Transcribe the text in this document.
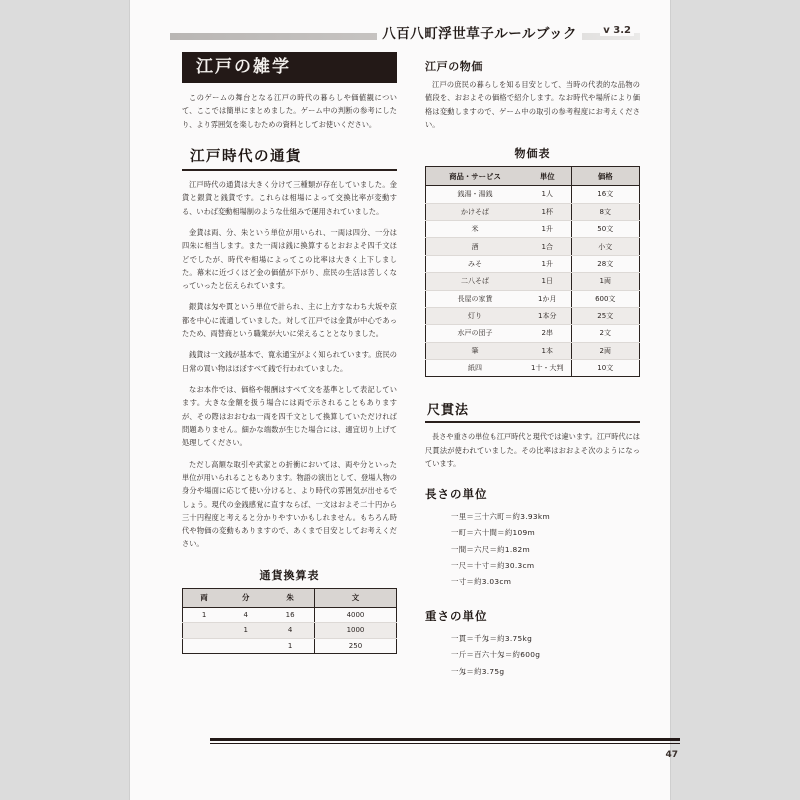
八百八町浮世草子ルールブック	v 3.2
江戸の雑学

このゲームの舞台となる江戸の時代の暮らしや価値観について、ここでは簡単にまとめました。ゲーム中の判断の参考にしたり、より雰囲気を楽しむための資料としてお使いください。

江戸時代の通貨

江戸時代の通貨は大きく分けて三種類が存在していました。金貨と銀貨と銭貨です。これらは相場によって交換比率が変動する、いわば変動相場制のような仕組みで運用されていました。

金貨は両、分、朱という単位が用いられ、一両は四分、一分は四朱に相当します。また一両は銭に換算するとおおよそ四千文ほどでしたが、時代や相場によってこの比率は大きく上下しました。幕末に近づくほど金の価値が下がり、庶民の生活は苦しくなっていったと伝えられています。

銀貨は匁や貫という単位で計られ、主に上方すなわち大坂や京都を中心に流通していました。対して江戸では金貨が中心であったため、両替商という職業が大いに栄えることとなりました。

銭貨は一文銭が基本で、寛永通宝がよく知られています。庶民の日常の買い物はほぼすべて銭で行われていました。

なお本作では、価格や報酬はすべて文を基準として表記しています。大きな金額を扱う場合には両で示されることもありますが、その際はおおむね一両を四千文として換算していただければ問題ありません。細かな端数が生じた場合には、適宜切り上げて処理してください。

ただし高額な取引や武家との折衝においては、両や分といった単位が用いられることもあります。物語の演出として、登場人物の身分や場面に応じて使い分けると、より時代の雰囲気が出せるでしょう。現代の金銭感覚に直すならば、一文はおよそ二十円から三十円程度と考えると分かりやすいかもしれません。もちろん時代や物価の変動もありますので、あくまで目安としてお考えください。

通貨換算表
両	分	朱	文
1	4	16	4000
	1	4	1000
		1	250
江戸の物価

江戸の庶民の暮らしを知る目安として、当時の代表的な品物の値段を、おおよその価格で紹介します。なお時代や場所により価格は変動しますので、ゲーム中の取引の参考程度にお考えください。

物価表
商品・サービス	単位	価格
銭湯・湯銭	1人	16文
かけそば	1杯	8文
米	1升	50文
酒	1合	小文
みそ	1升	28文
二八そば	1日	1両
長屋の家賃	1か月	600文
灯り	1本分	25文
水戸の団子	2串	2文
筆	1本	2両
紙四	1十・大判	10文
尺貫法

長さや重さの単位も江戸時代と現代では違います。江戸時代には尺貫法が使われていました。その比率はおおよそ次のようになっています。

長さの単位
一里＝三十六町＝約3.93km
一町＝六十間＝約109m
一間＝六尺＝約1.82m
一尺＝十寸＝約30.3cm
一寸＝約3.03cm
重さの単位
一貫＝千匁＝約3.75kg
一斤＝百六十匁＝約600g
一匁＝約3.75g
47
